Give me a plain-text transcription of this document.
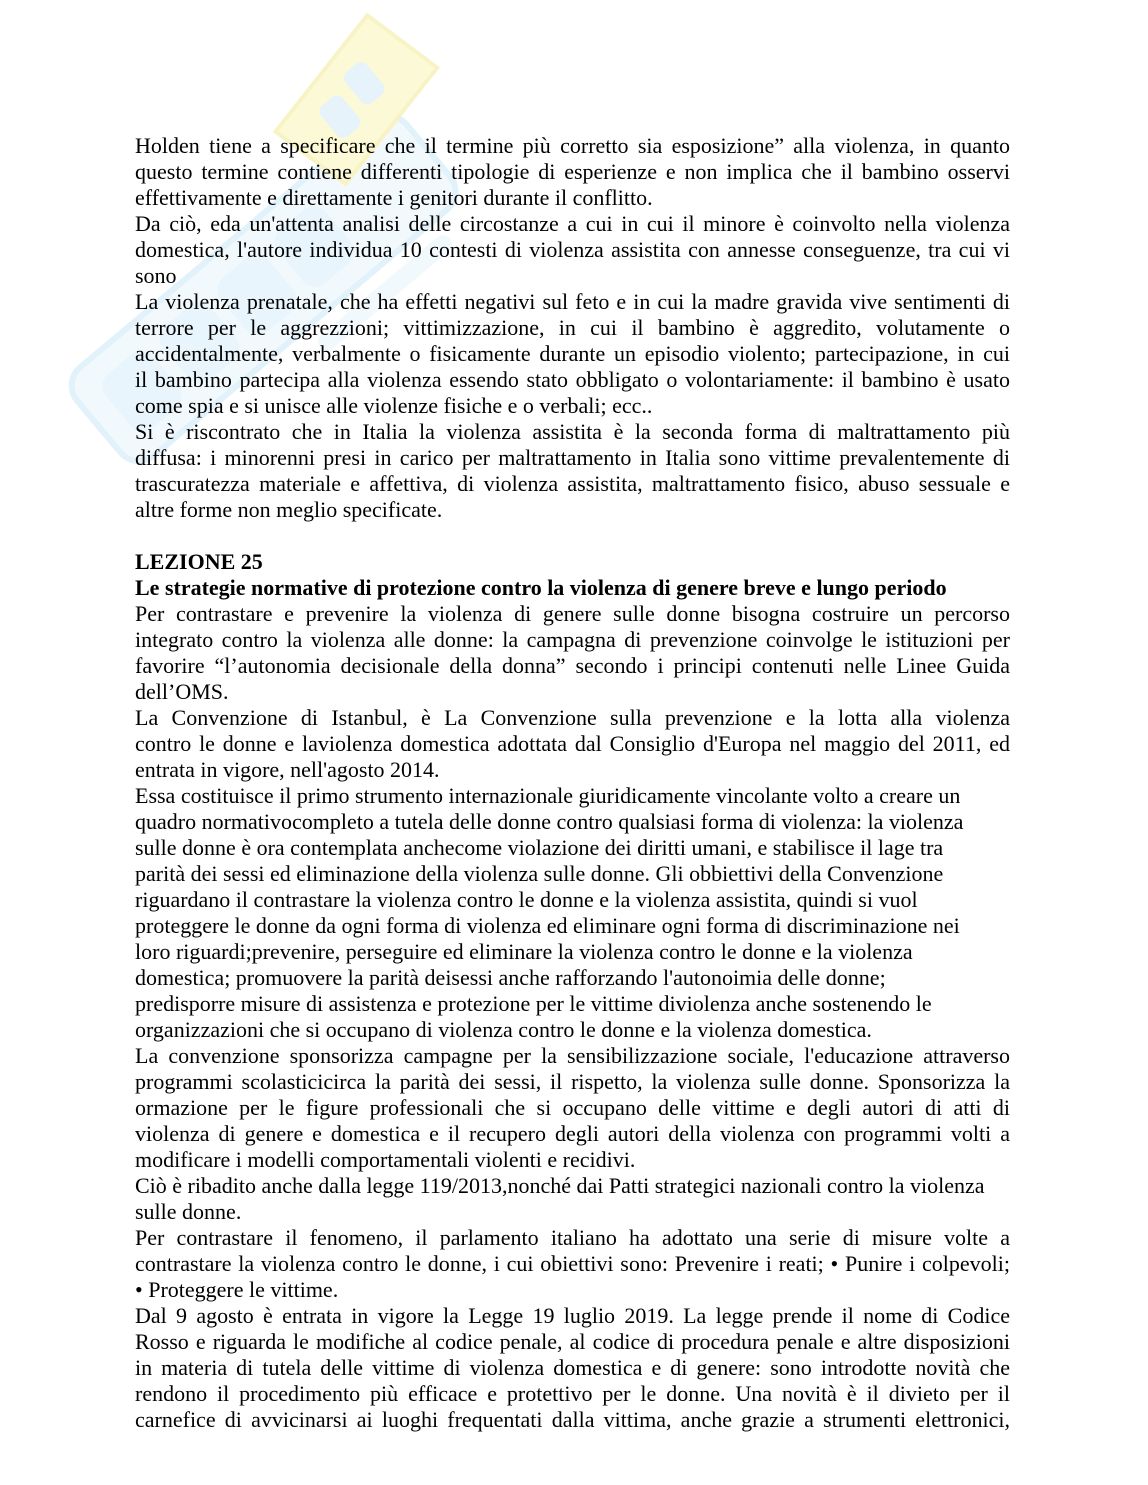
Holden tiene a specificare che il termine più corretto sia esposizione” alla violenza, in quanto
questo termine contiene differenti tipologie di esperienze e non implica che il bambino osservi
effettivamente e direttamente i genitori durante il conflitto.
Da ciò, eda un'attenta analisi delle circostanze a cui in cui il minore è coinvolto nella violenza
domestica, l'autore individua 10 contesti di violenza assistita con annesse conseguenze, tra cui vi
sono
La violenza prenatale, che ha effetti negativi sul feto e in cui la madre gravida vive sentimenti di
terrore per le aggrezzioni; vittimizzazione, in cui il bambino è aggredito, volutamente o
accidentalmente, verbalmente o fisicamente durante un episodio violento; partecipazione, in cui
il bambino partecipa alla violenza essendo stato obbligato o volontariamente: il bambino è usato
come spia e si unisce alle violenze fisiche e o verbali; ecc..
Si è riscontrato che in Italia la violenza assistita è la seconda forma di maltrattamento più
diffusa: i minorenni presi in carico per maltrattamento in Italia sono vittime prevalentemente di
trascuratezza materiale e affettiva, di violenza assistita, maltrattamento fisico, abuso sessuale e
altre forme non meglio specificate.
LEZIONE 25
Le strategie normative di protezione contro la violenza di genere breve e lungo periodo
Per contrastare e prevenire la violenza di genere sulle donne bisogna costruire un percorso
integrato contro la violenza alle donne: la campagna di prevenzione coinvolge le istituzioni per
favorire “l’autonomia decisionale della donna” secondo i principi contenuti nelle Linee Guida
dell’OMS.
La Convenzione di Istanbul, è La Convenzione sulla prevenzione e la lotta alla violenza
contro le donne e laviolenza domestica adottata dal Consiglio d'Europa nel maggio del 2011, ed
entrata in vigore, nell'agosto 2014.
Essa costituisce il primo strumento internazionale giuridicamente vincolante volto a creare un
quadro normativocompleto a tutela delle donne contro qualsiasi forma di violenza: la violenza
sulle donne è ora contemplata anchecome violazione dei diritti umani, e stabilisce il lage tra
parità dei sessi ed eliminazione della violenza sulle donne. Gli obbiettivi della Convenzione
riguardano il contrastare la violenza contro le donne e la violenza assistita, quindi si vuol
proteggere le donne da ogni forma di violenza ed eliminare ogni forma di discriminazione nei
loro riguardi;prevenire, perseguire ed eliminare la violenza contro le donne e la violenza
domestica; promuovere la parità deisessi anche rafforzando l'autonoimia delle donne;
predisporre misure di assistenza e protezione per le vittime diviolenza anche sostenendo le
organizzazioni che si occupano di violenza contro le donne e la violenza domestica.
La convenzione sponsorizza campagne per la sensibilizzazione sociale, l'educazione attraverso
programmi scolasticicirca la parità dei sessi, il rispetto, la violenza sulle donne. Sponsorizza la
ormazione per le figure professionali che si occupano delle vittime e degli autori di atti di
violenza di genere e domestica e il recupero degli autori della violenza con programmi volti a
modificare i modelli comportamentali violenti e recidivi.
Ciò è ribadito anche dalla legge 119/2013,nonché dai Patti strategici nazionali contro la violenza
sulle donne.
Per contrastare il fenomeno, il parlamento italiano ha adottato una serie di misure volte a
contrastare la violenza contro le donne, i cui obiettivi sono: Prevenire i reati; • Punire i colpevoli;
• Proteggere le vittime.
Dal 9 agosto è entrata in vigore la Legge 19 luglio 2019. La legge prende il nome di Codice
Rosso e riguarda le modifiche al codice penale, al codice di procedura penale e altre disposizioni
in materia di tutela delle vittime di violenza domestica e di genere: sono introdotte novità che
rendono il procedimento più efficace e protettivo per le donne. Una novità è il divieto per il
carnefice di avvicinarsi ai luoghi frequentati dalla vittima, anche grazie a strumenti elettronici,
